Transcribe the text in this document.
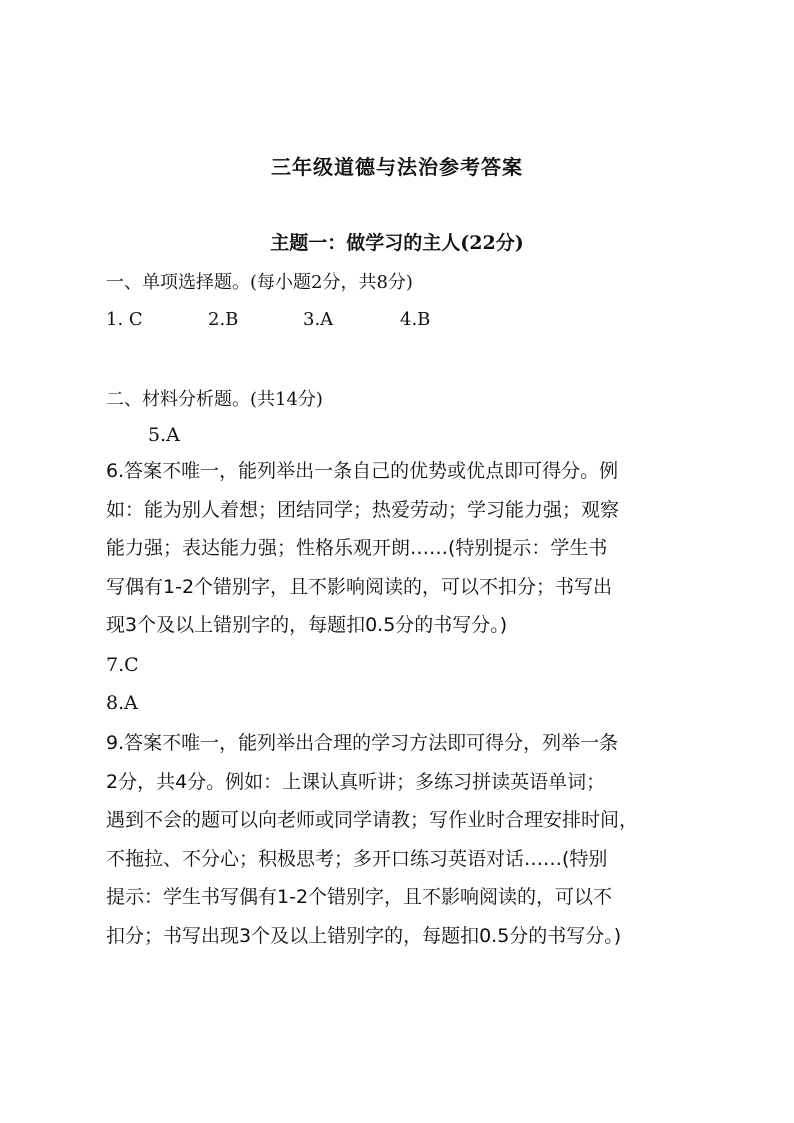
三年级道德与法治参考答案
主题一：做学习的主人(22分)
一、单项选择题。(每小题2分，共8分)
1. C	2.B	3.A	4.B
二、材料分析题。(共14分)
5.A
6.答案不唯一，能列举出一条自己的优势或优点即可得分。例
如：能为别人着想；团结同学；热爱劳动；学习能力强；观察
能力强；表达能力强；性格乐观开朗……(特别提示：学生书
写偶有1-2个错别字，且不影响阅读的，可以不扣分；书写出
现3个及以上错别字的，每题扣0.5分的书写分。)
7.C
8.A
9.答案不唯一，能列举出合理的学习方法即可得分，列举一条
2分，共4分。例如：上课认真听讲；多练习拼读英语单词；
遇到不会的题可以向老师或同学请教；写作业时合理安排时间，
不拖拉、不分心；积极思考；多开口练习英语对话……(特别
提示：学生书写偶有1-2个错别字，且不影响阅读的，可以不
扣分；书写出现3个及以上错别字的，每题扣0.5分的书写分。)
